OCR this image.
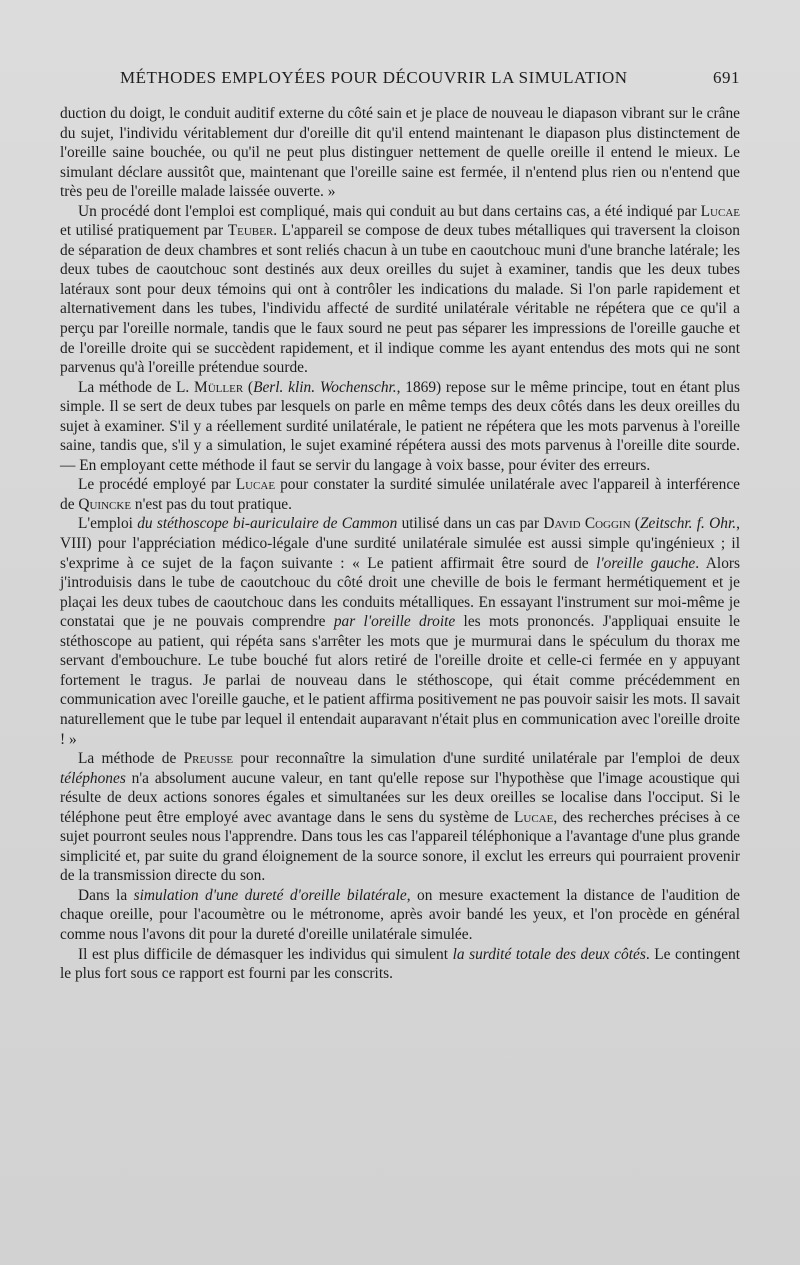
MÉTHODES EMPLOYÉES POUR DÉCOUVRIR LA SIMULATION	691

duction du doigt, le conduit auditif externe du côté sain et je place de nouveau le diapason vibrant sur le crâne du sujet, l'individu véritablement dur d'oreille dit qu'il entend maintenant le diapason plus distinctement de l'oreille saine bouchée, ou qu'il ne peut plus distinguer nettement de quelle oreille il entend le mieux. Le simulant déclare aussitôt que, maintenant que l'oreille saine est fermée, il n'entend plus rien ou n'entend que très peu de l'oreille malade laissée ouverte. »

Un procédé dont l'emploi est compliqué, mais qui conduit au but dans certains cas, a été indiqué par Lucae et utilisé pratiquement par Teuber. L'appareil se compose de deux tubes métalliques qui traversent la cloison de séparation de deux chambres et sont reliés chacun à un tube en caoutchouc muni d'une branche latérale; les deux tubes de caoutchouc sont destinés aux deux oreilles du sujet à examiner, tandis que les deux tubes latéraux sont pour deux témoins qui ont à contrôler les indications du malade. Si l'on parle rapidement et alternativement dans les tubes, l'individu affecté de surdité unilatérale véritable ne répétera que ce qu'il a perçu par l'oreille normale, tandis que le faux sourd ne peut pas séparer les impressions de l'oreille gauche et de l'oreille droite qui se succèdent rapidement, et il indique comme les ayant entendus des mots qui ne sont parvenus qu'à l'oreille prétendue sourde.

La méthode de L. Müller (Berl. klin. Wochenschr., 1869) repose sur le même principe, tout en étant plus simple. Il se sert de deux tubes par lesquels on parle en même temps des deux côtés dans les deux oreilles du sujet à examiner. S'il y a réellement surdité unilatérale, le patient ne répétera que les mots parvenus à l'oreille saine, tandis que, s'il y a simulation, le sujet examiné répétera aussi des mots parvenus à l'oreille dite sourde. — En employant cette méthode il faut se servir du langage à voix basse, pour éviter des erreurs.

Le procédé employé par Lucae pour constater la surdité simulée unilatérale avec l'appareil à interférence de Quincke n'est pas du tout pratique.

L'emploi du stéthoscope bi-auriculaire de Cammon utilisé dans un cas par David Coggin (Zeitschr. f. Ohr., VIII) pour l'appréciation médico-légale d'une surdité unilatérale simulée est aussi simple qu'ingénieux ; il s'exprime à ce sujet de la façon suivante : « Le patient affirmait être sourd de l'oreille gauche. Alors j'introduisis dans le tube de caoutchouc du côté droit une cheville de bois le fermant hermétiquement et je plaçai les deux tubes de caoutchouc dans les conduits métalliques. En essayant l'instrument sur moi-même je constatai que je ne pouvais comprendre par l'oreille droite les mots prononcés. J'appliquai ensuite le stéthoscope au patient, qui répéta sans s'arrêter les mots que je murmurai dans le spéculum du thorax me servant d'embouchure. Le tube bouché fut alors retiré de l'oreille droite et celle-ci fermée en y appuyant fortement le tragus. Je parlai de nouveau dans le stéthoscope, qui était comme précédemment en communication avec l'oreille gauche, et le patient affirma positivement ne pas pouvoir saisir les mots. Il savait naturellement que le tube par lequel il entendait auparavant n'était plus en communication avec l'oreille droite ! »

La méthode de Preusse pour reconnaître la simulation d'une surdité unilatérale par l'emploi de deux téléphones n'a absolument aucune valeur, en tant qu'elle repose sur l'hypothèse que l'image acoustique qui résulte de deux actions sonores égales et simultanées sur les deux oreilles se localise dans l'occiput. Si le téléphone peut être employé avec avantage dans le sens du système de Lucae, des recherches précises à ce sujet pourront seules nous l'apprendre. Dans tous les cas l'appareil téléphonique a l'avantage d'une plus grande simplicité et, par suite du grand éloignement de la source sonore, il exclut les erreurs qui pourraient provenir de la transmission directe du son.

Dans la simulation d'une dureté d'oreille bilatérale, on mesure exactement la distance de l'audition de chaque oreille, pour l'acoumètre ou le métronome, après avoir bandé les yeux, et l'on procède en général comme nous l'avons dit pour la dureté d'oreille unilatérale simulée.

Il est plus difficile de démasquer les individus qui simulent la surdité totale des deux côtés. Le contingent le plus fort sous ce rapport est fourni par les conscrits.
